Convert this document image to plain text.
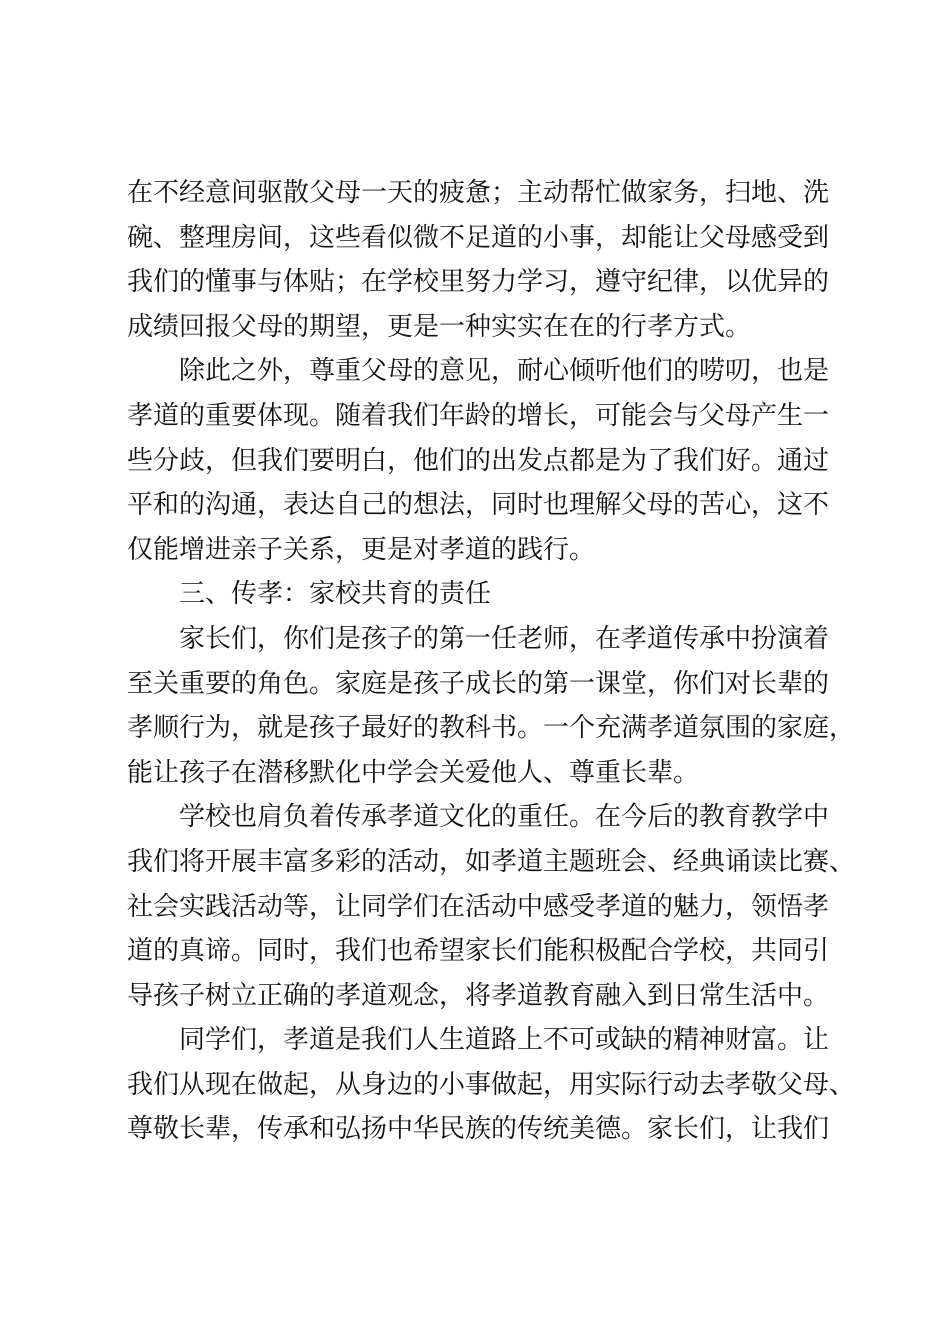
在不经意间驱散父母一天的疲惫；主动帮忙做家务，扫地、洗
碗、整理房间，这些看似微不足道的小事，却能让父母感受到
我们的懂事与体贴；在学校里努力学习，遵守纪律，以优异的
成绩回报父母的期望，更是一种实实在在的行孝方式。
除此之外，尊重父母的意见，耐心倾听他们的唠叨，也是
孝道的重要体现。随着我们年龄的增长，可能会与父母产生一
些分歧，但我们要明白，他们的出发点都是为了我们好。通过
平和的沟通，表达自己的想法，同时也理解父母的苦心，这不
仅能增进亲子关系，更是对孝道的践行。
三、传孝：家校共育的责任
家长们，你们是孩子的第一任老师，在孝道传承中扮演着
至关重要的角色。家庭是孩子成长的第一课堂，你们对长辈的
孝顺行为，就是孩子最好的教科书。一个充满孝道氛围的家庭，
能让孩子在潜移默化中学会关爱他人、尊重长辈。
学校也肩负着传承孝道文化的重任。在今后的教育教学中
我们将开展丰富多彩的活动，如孝道主题班会、经典诵读比赛、
社会实践活动等，让同学们在活动中感受孝道的魅力，领悟孝
道的真谛。同时，我们也希望家长们能积极配合学校，共同引
导孩子树立正确的孝道观念，将孝道教育融入到日常生活中。
同学们，孝道是我们人生道路上不可或缺的精神财富。让
我们从现在做起，从身边的小事做起，用实际行动去孝敬父母、
尊敬长辈，传承和弘扬中华民族的传统美德。家长们，让我们
